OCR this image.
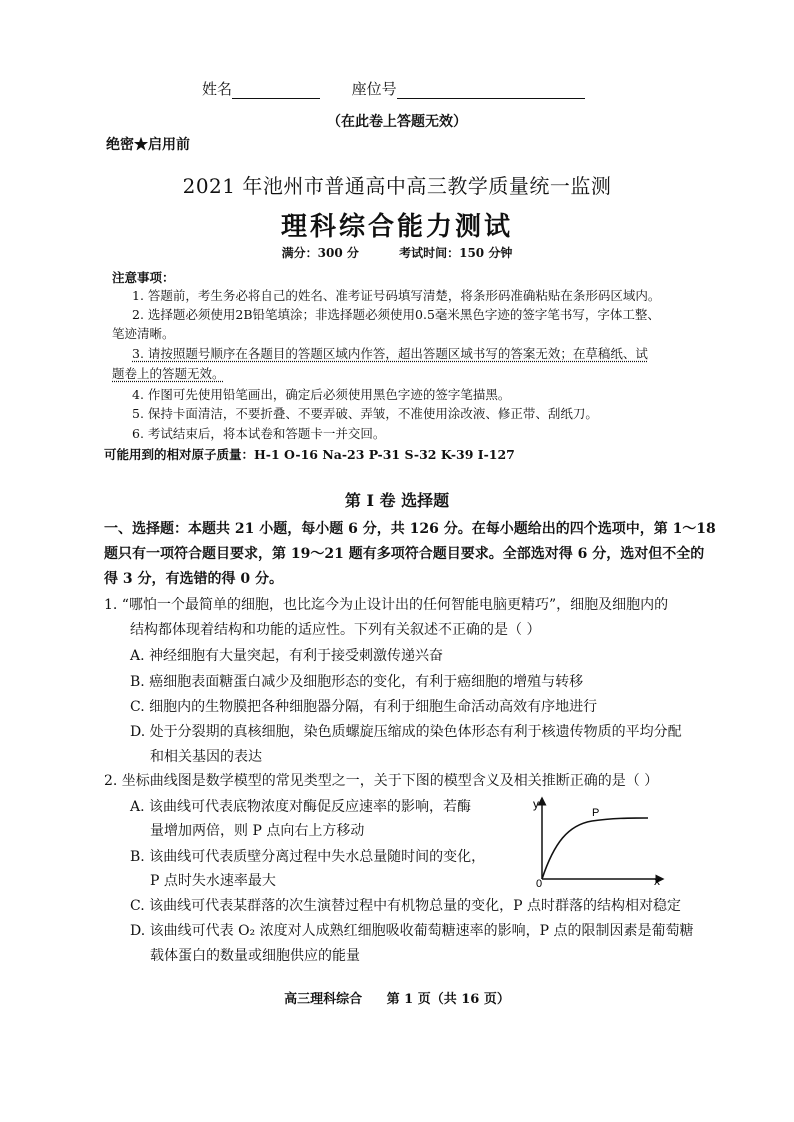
姓名	座位号
（在此卷上答题无效）
绝密★启用前
2021 年池州市普通高中高三教学质量统一监测
理科综合能力测试
满分：300 分	考试时间：150 分钟
注意事项：
1. 答题前，考生务必将自己的姓名、准考证号码填写清楚，将条形码准确粘贴在条形码区域内。
2. 选择题必须使用2B铅笔填涂；非选择题必须使用0.5毫米黑色字迹的签字笔书写，字体工整、
笔迹清晰。
3. 请按照题号顺序在各题目的答题区域内作答，超出答题区域书写的答案无效；在草稿纸、试
题卷上的答题无效。
4. 作图可先使用铅笔画出，确定后必须使用黑色字迹的签字笔描黑。
5. 保持卡面清洁，不要折叠、不要弄破、弄皱，不准使用涂改液、修正带、刮纸刀。
6. 考试结束后，将本试卷和答题卡一并交回。
可能用到的相对原子质量：H-1 O-16 Na-23 P-31 S-32 K-39 I-127
第 I 卷 选择题
一、选择题：本题共 21 小题，每小题 6 分，共 126 分。在每小题给出的四个选项中，第 1～18
题只有一项符合题目要求，第 19～21 题有多项符合题目要求。全部选对得 6 分，选对但不全的
得 3 分，有选错的得 0 分。
1. “哪怕一个最简单的细胞，也比迄今为止设计出的任何智能电脑更精巧”，细胞及细胞内的
结构都体现着结构和功能的适应性。下列有关叙述不正确的是（ ）
A. 神经细胞有大量突起，有利于接受刺激传递兴奋
B. 癌细胞表面糖蛋白减少及细胞形态的变化，有利于癌细胞的增殖与转移
C. 细胞内的生物膜把各种细胞器分隔，有利于细胞生命活动高效有序地进行
D. 处于分裂期的真核细胞，染色质螺旋压缩成的染色体形态有利于核遗传物质的平均分配
和相关基因的表达
2. 坐标曲线图是数学模型的常见类型之一，关于下图的模型含义及相关推断正确的是（ ）
A. 该曲线可代表底物浓度对酶促反应速率的影响，若酶
量增加两倍，则 P 点向右上方移动
B. 该曲线可代表质壁分离过程中失水总量随时间的变化，
P 点时失水速率最大
C. 该曲线可代表某群落的次生演替过程中有机物总量的变化，P 点时群落的结构相对稳定
D. 该曲线可代表 O₂ 浓度对人成熟红细胞吸收葡萄糖速率的影响，P 点的限制因素是葡萄糖
载体蛋白的数量或细胞供应的能量
y
x
0
P
高三理科综合 第 1 页（共 16 页）
